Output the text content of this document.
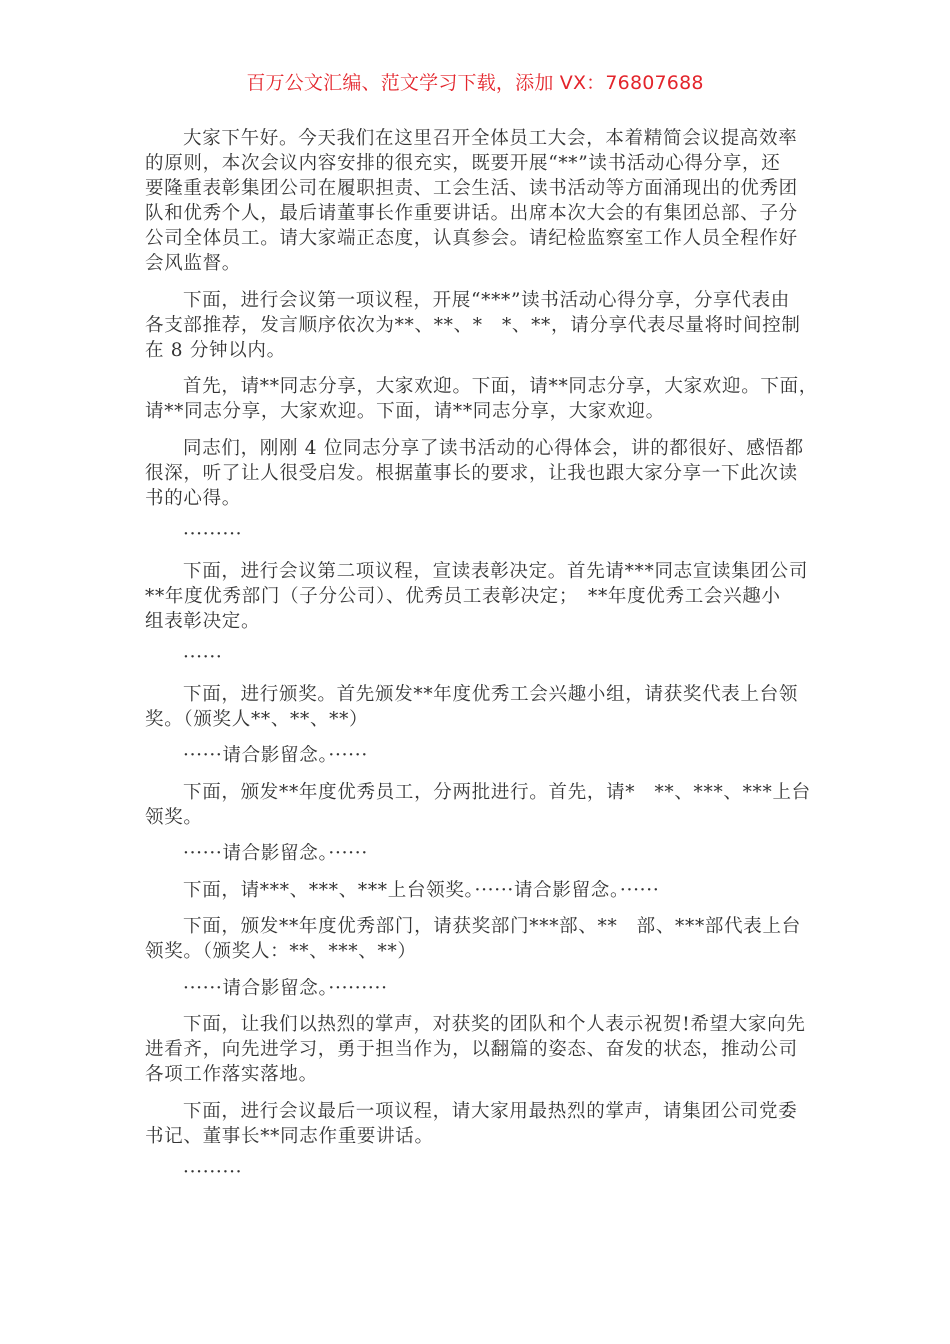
百万公文汇编、范文学习下载，添加 VX：76807688
大家下午好。今天我们在这里召开全体员工大会，本着精简会议提高效率
的原则，本次会议内容安排的很充实，既要开展“**”读书活动心得分享，还
要隆重表彰集团公司在履职担责、工会生活、读书活动等方面涌现出的优秀团
队和优秀个人，最后请董事长作重要讲话。出席本次大会的有集团总部、子分
公司全体员工。请大家端正态度，认真参会。请纪检监察室工作人员全程作好
会风监督。
下面，进行会议第一项议程，开展“***”读书活动心得分享，分享代表由
各支部推荐，发言顺序依次为**、**、*　*、**，请分享代表尽量将时间控制
在 8 分钟以内。
首先，请**同志分享，大家欢迎。下面，请**同志分享，大家欢迎。下面，
请**同志分享，大家欢迎。下面，请**同志分享，大家欢迎。
同志们，刚刚 4 位同志分享了读书活动的心得体会，讲的都很好、感悟都
很深，听了让人很受启发。根据董事长的要求，让我也跟大家分享一下此次读
书的心得。
·········
下面，进行会议第二项议程，宣读表彰决定。首先请***同志宣读集团公司
**年度优秀部门（子分公司）、优秀员工表彰决定；　**年度优秀工会兴趣小
组表彰决定。
······
下面，进行颁奖。首先颁发**年度优秀工会兴趣小组，请获奖代表上台领
奖。（颁奖人**、**、**）
······请合影留念。······
下面，颁发**年度优秀员工，分两批进行。首先，请*　**、***、***上台
领奖。
······请合影留念。······
下面，请***、***、***上台领奖。······请合影留念。······
下面，颁发**年度优秀部门，请获奖部门***部、**　部、***部代表上台
领奖。（颁奖人：**、***、**）
······请合影留念。·········
下面，让我们以热烈的掌声，对获奖的团队和个人表示祝贺!希望大家向先
进看齐，向先进学习，勇于担当作为，以翻篇的姿态、奋发的状态，推动公司
各项工作落实落地。
下面，进行会议最后一项议程，请大家用最热烈的掌声，请集团公司党委
书记、董事长**同志作重要讲话。
·········
